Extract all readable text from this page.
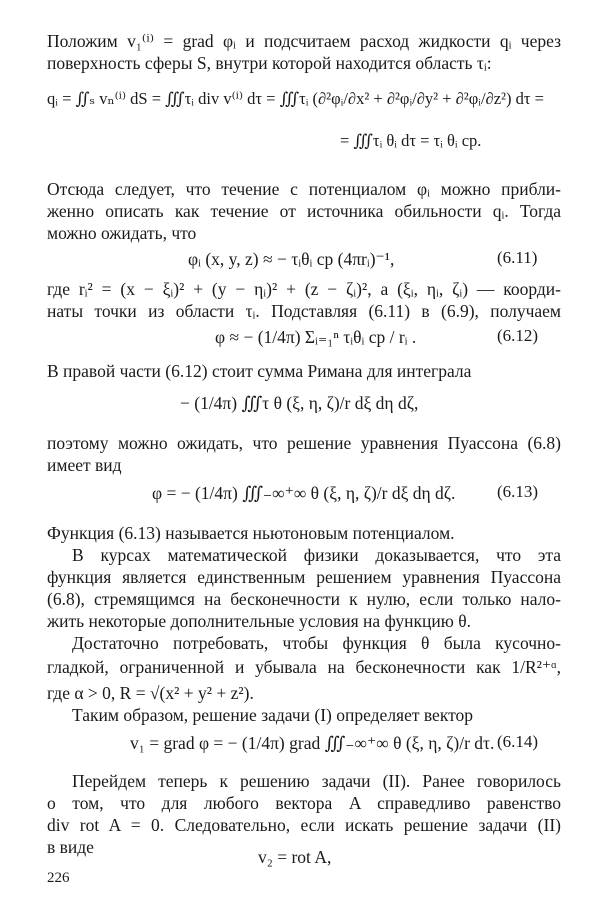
Положим v₁⁽ⁱ⁾ = grad φᵢ и подсчитаем расход жидкости qᵢ через
поверхность сферы S, внутри которой находится область τᵢ:
qᵢ = ∬ₛ vₙ⁽ⁱ⁾ dS = ∭τᵢ div v⁽ⁱ⁾ dτ = ∭τᵢ (∂²φᵢ/∂x² + ∂²φᵢ/∂y² + ∂²φᵢ/∂z²) dτ =
= ∭τᵢ θᵢ dτ = τᵢ θᵢ ср.
Отсюда следует, что течение с потенциалом φᵢ можно прибли-
женно описать как течение от источника обильности qᵢ. Тогда
можно ожидать, что
φᵢ (x, y, z) ≈ − τᵢθᵢ ср (4πrᵢ)⁻¹,	(6.11)
где rᵢ² = (x − ξᵢ)² + (y − ηᵢ)² + (z − ζᵢ)², а (ξᵢ, ηᵢ, ζᵢ) — коорди-
наты точки из области τᵢ. Подставляя (6.11) в (6.9), получаем
φ ≈ − (1/4π) Σᵢ₌₁ⁿ τᵢθᵢ ср / rᵢ .	(6.12)
В правой части (6.12) стоит сумма Римана для интеграла
− (1/4π) ∭τ θ (ξ, η, ζ)/r dξ dη dζ,
поэтому можно ожидать, что решение уравнения Пуассона (6.8)
имеет вид
φ = − (1/4π) ∭₋∞⁺∞ θ (ξ, η, ζ)/r dξ dη dζ. (6.13)
Функция (6.13) называется ньютоновым потенциалом.
В курсах математической физики доказывается, что эта
функция является единственным решением уравнения Пуассона
(6.8), стремящимся на бесконечности к нулю, если только нало-
жить некоторые дополнительные условия на функцию θ.
Достаточно потребовать, чтобы функция θ была кусочно-
гладкой, ограниченной и убывала на бесконечности как 1/R²⁺ᵅ,
где α > 0, R = √(x² + y² + z²).
Таким образом, решение задачи (I) определяет вектор
v₁ = grad φ = − (1/4π) grad ∭₋∞⁺∞ θ (ξ, η, ζ)/r dτ. (6.14)
Перейдем теперь к решению задачи (II). Ранее говорилось
о том, что для любого вектора A справедливо равенство
div rot A = 0. Следовательно, если искать решение задачи (II)
в виде	v₂ = rot A,
226
